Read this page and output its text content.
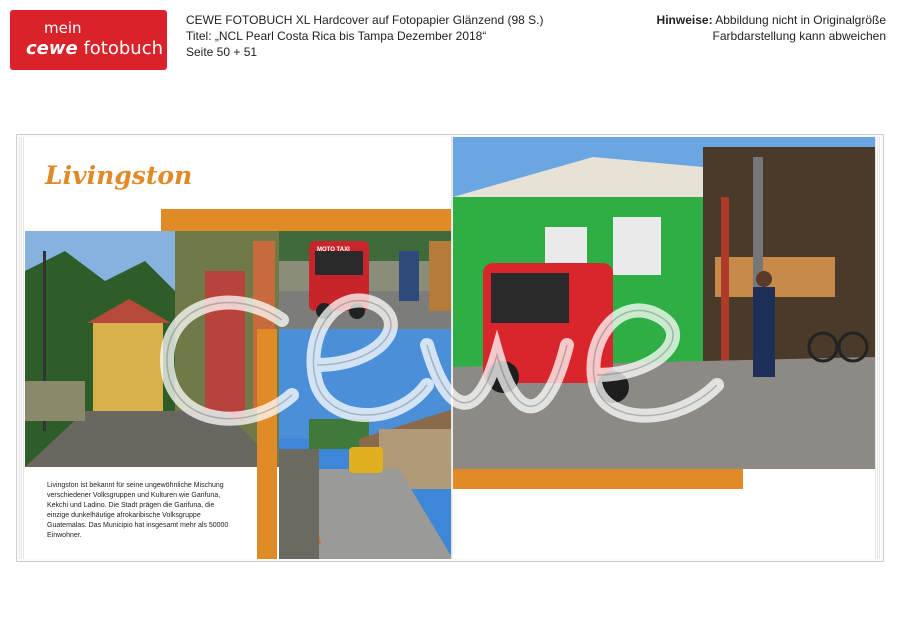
mein
cewe fotobuch
CEWE FOTOBUCH XL Hardcover auf Fotopapier Glänzend (98 S.)
Titel: „NCL Pearl Costa Rica bis Tampa Dezember 2018“
Seite 50 + 51
Hinweise: Abbildung nicht in Originalgröße
Farbdarstellung kann abweichen
Livingston
MOTO TAXI
Livingston ist bekannt für seine ungewöhnliche Mischung verschiedener Volksgruppen und Kulturen wie Garifuna, Kekchi und Ladino. Die Stadt prägen die Garifuna, die einzige dunkelhäutige afrokaribische Volksgruppe Guatemalas. Das Municipio hat insgesamt mehr als 50000 Einwohner.
